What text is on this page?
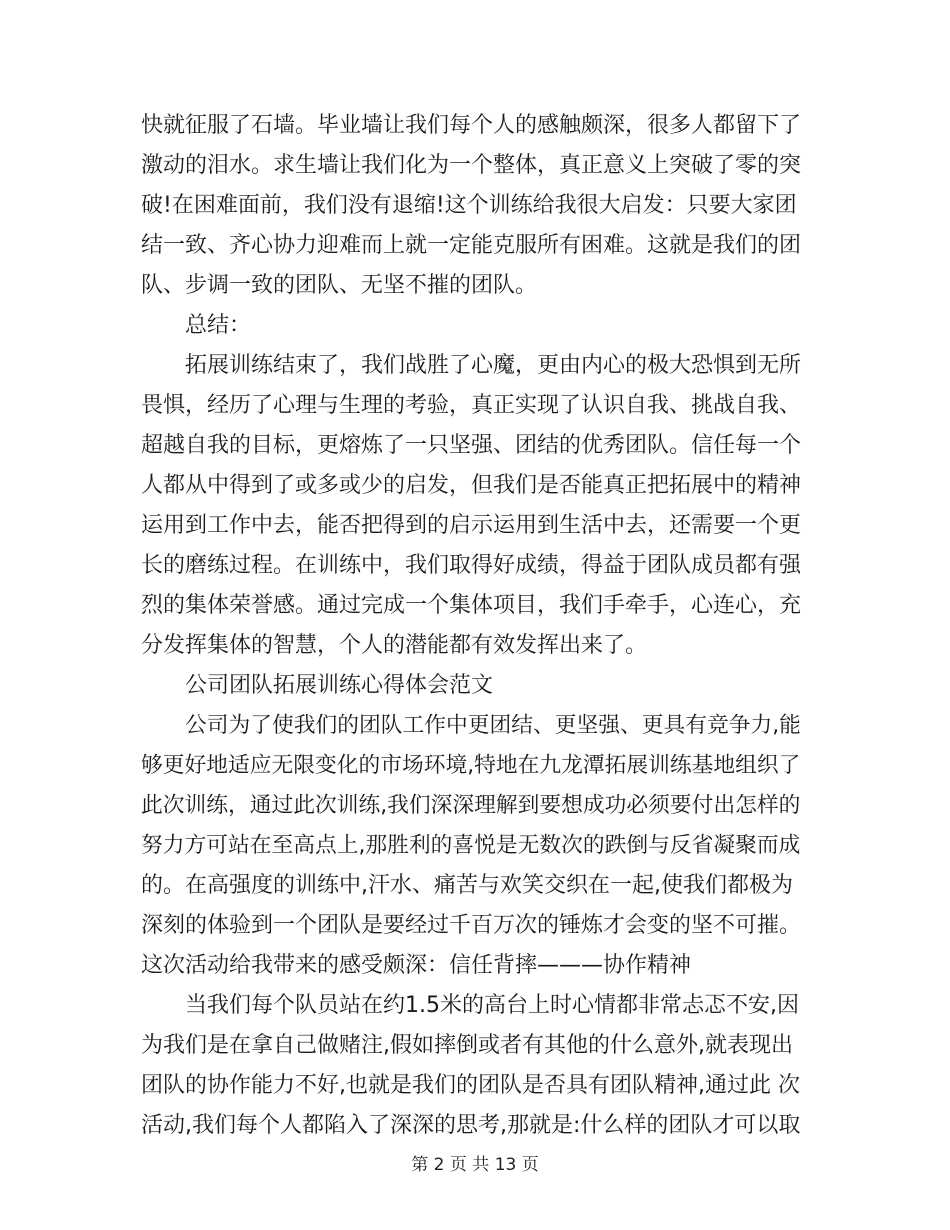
快就征服了石墙。毕业墙让我们每个人的感触颇深，很多人都留下了
激动的泪水。求生墙让我们化为一个整体，真正意义上突破了零的突
破!在困难面前，我们没有退缩!这个训练给我很大启发：只要大家团
结一致、齐心协力迎难而上就一定能克服所有困难。这就是我们的团
队、步调一致的团队、无坚不摧的团队。
总结：
拓展训练结束了，我们战胜了心魔，更由内心的极大恐惧到无所
畏惧，经历了心理与生理的考验，真正实现了认识自我、挑战自我、
超越自我的目标，更熔炼了一只坚强、团结的优秀团队。信任每一个
人都从中得到了或多或少的启发，但我们是否能真正把拓展中的精神
运用到工作中去，能否把得到的启示运用到生活中去，还需要一个更
长的磨练过程。在训练中，我们取得好成绩，得益于团队成员都有强
烈的集体荣誉感。通过完成一个集体项目，我们手牵手，心连心，充
分发挥集体的智慧，个人的潜能都有效发挥出来了。
公司团队拓展训练心得体会范文
公司为了使我们的团队工作中更团结、更坚强、更具有竞争力,能
够更好地适应无限变化的市场环境,特地在九龙潭拓展训练基地组织了
此次训练，通过此次训练,我们深深理解到要想成功必须要付出怎样的
努力方可站在至高点上,那胜利的喜悦是无数次的跌倒与反省凝聚而成
的。在高强度的训练中,汗水、痛苦与欢笑交织在一起,使我们都极为
深刻的体验到一个团队是要经过千百万次的锤炼才会变的坚不可摧。
这次活动给我带来的感受颇深：信任背摔———协作精神
当我们每个队员站在约1.5米的高台上时心情都非常忐忑不安,因
为我们是在拿自己做赌注,假如摔倒或者有其他的什么意外,就表现出
团队的协作能力不好,也就是我们的团队是否具有团队精神,通过此 次
活动,我们每个人都陷入了深深的思考,那就是:什么样的团队才可以取
第 2 页 共 13 页
